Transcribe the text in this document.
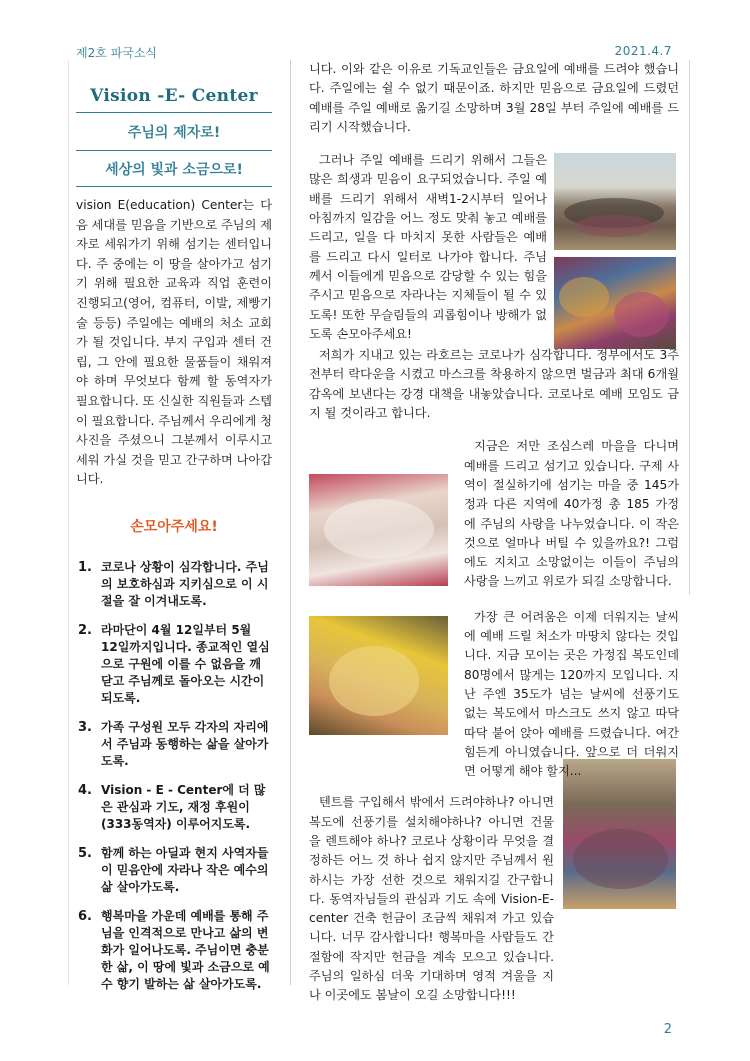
제2호 파국소식	2021.4.7
Vision -E- Center
주님의 제자로!
세상의 빛과 소금으로!
vision E(education) Center는 다음 세대를 믿음을 기반으로 주님의 제자로 세워가기 위해 섬기는 센터입니다. 주 중에는 이 땅을 살아가고 섬기기 위해 필요한 교육과 직업 훈련이 진행되고(영어, 컴퓨터, 이발, 제빵기술 등등) 주일에는 예배의 처소 교회가 될 것입니다. 부지 구입과 센터 건립, 그 안에 필요한 물품들이 채워져야 하며 무엇보다 함께 할 동역자가 필요합니다. 또 신실한 직원들과 스텝이 필요합니다. 주님께서 우리에게 청사진을 주셨으니 그분께서 이루시고 세워 가실 것을 믿고 간구하며 나아갑니다.
손모아주세요!
1. 코로나 상황이 심각합니다. 주님의 보호하심과 지키심으로 이 시절을 잘 이겨내도록.
2. 라마단이 4월 12일부터 5월 12일까지입니다. 종교적인 열심으로 구원에 이를 수 없음을 깨닫고 주님께로 돌아오는 시간이 되도록.
3. 가족 구성원 모두 각자의 자리에서 주님과 동행하는 삶을 살아가도록.
4. Vision - E - Center에 더 많은 관심과 기도, 재정 후원이 (333동역자) 이루어지도록.
5. 함께 하는 아딜과 현지 사역자들이 믿음안에 자라나 작은 예수의 삶 살아가도록.
6. 행복마을 가운데 예배를 통해 주님을 인격적으로 만나고 삶의 변화가 일어나도록. 주님이면 충분한 삶, 이 땅에 빛과 소금으로 예수 향기 발하는 삶 살아가도록.

니다. 이와 같은 이유로 기독교인들은 금요일에 예배를 드려야 했습니다. 주일에는 쉴 수 없기 때문이죠. 하지만 믿음으로 금요일에 드렸던 예배를 주일 예배로 옮기길 소망하며 3월 28일 부터 주일에 예배를 드리기 시작했습니다.

그러나 주일 예배를 드리기 위해서 그들은 많은 희생과 믿음이 요구되었습니다. 주일 예배를 드리기 위해서 새벽1-2시부터 일어나 아침까지 일감을 어느 정도 맞춰 놓고 예배를 드리고, 일을 다 마치지 못한 사람들은 예배를 드리고 다시 일터로 나가야 합니다. 주님께서 이들에게 믿음으로 감당할 수 있는 힘을 주시고 믿음으로 자라나는 지체들이 될 수 있도록! 또한 무슬림들의 괴롭힘이나 방해가 없도록 손모아주세요!

저희가 지내고 있는 라호르는 코로나가 심각합니다. 정부에서도 3주 전부터 락다운을 시켰고 마스크를 착용하지 않으면 벌금과 최대 6개월 감옥에 보낸다는 강경 대책을 내놓았습니다. 코로나로 예배 모임도 금지 될 것이라고 합니다.

지금은 저만 조심스레 마을을 다니며 예배를 드리고 섬기고 있습니다. 구제 사역이 절실하기에 섬기는 마을 중 145가정과 다른 지역에 40가정 총 185 가정에 주님의 사랑을 나누었습니다. 이 작은 것으로 얼마나 버틸 수 있을까요?! 그럼에도 지치고 소망없이는 이들이 주님의 사랑을 느끼고 위로가 되길 소망합니다.

가장 큰 어려움은 이제 더워지는 날씨에 예배 드릴 처소가 마땅치 않다는 것입니다. 지금 모이는 곳은 가정집 복도인데 80명에서 많게는 120까지 모입니다. 지난 주엔 35도가 넘는 날씨에 선풍기도 없는 복도에서 마스크도 쓰지 않고 따닥 따닥 붙어 앉아 예배를 드렸습니다. 여간 힘든게 아니였습니다. 앞으로 더 더워지면 어떻게 해야 할지...

텐트를 구입해서 밖에서 드려야하나? 아니면 복도에 선풍기를 설치해야하나? 아니면 건물을 렌트해야 하나? 코로나 상황이라 무엇을 결정하든 어느 것 하나 쉽지 않지만 주님께서 원하시는 가장 선한 것으로 채워지길 간구합니다. 동역자님들의 관심과 기도 속에 Vision-E-center 건축 헌금이 조금씩 채워져 가고 있습니다. 너무 감사합니다! 행복마을 사람들도 간절함에 작지만 헌금을 계속 모으고 있습니다. 주님의 일하심 더욱 기대하며 영적 겨울을 지나 이곳에도 봄날이 오길 소망합니다!!!

2
